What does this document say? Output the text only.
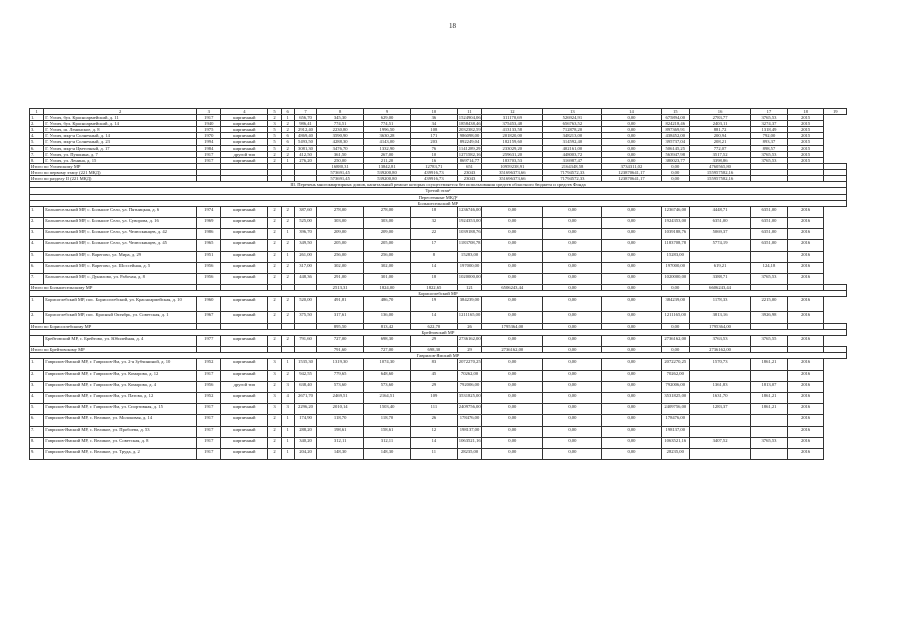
18
1	2	3	4	5	6	7	8	9	10	11	12	13	14	15	16	17	18	19
1.	Г. Углич, бул. Красноармейский, д. 11	1917	кирпичный	2	1	656,70	345,30	629,00	36	1524904,06	311170,69	526924,91	0,00	675894,00	2783,77	3765,53	2015	
2.	Г. Углич, бул. Красноармейский, д. 14	1940	кирпичный	3	2	986,41	774,51	774,51	34	1858438,46	375453,48	656763,52	0,00	824218,46	2403,11	3274,37	2015	
3.	Г. Углич, ш. Ленинское, д. 8	1975	кирпичный	5	2	2912,40	2230,80	1996,50	108	2032382,59	413133,58	712878,20	0,00	897369,91	881,72	1318,49	2015	
4.	Г. Углич, мкр-н Солнечный, д. 14	1970	кирпичный	5	6	4869,40	3590,90	3630,28	171	986098,00	201820,00	348213,00	0,00	438452,00	200,94	792,00	2015	
5.	Г. Углич, мкр-н Солнечный, д. 23	1994	кирпичный	5	6	5493,50	4288,30	4143,00	203	892249,04	182159,60	314592,40	0,00	395737,04	208,21	893,37	2015	
6.	Г. Углич, мкр-н Цветочный, д. 17	1984	кирпичный	5	2	3081,30	3476,70	1332,90	76	1141289,29	233029,20	402161,00	0,00	506145,25	772,07	898,57	2015	
7.	Г. Углич, ул. Пушкина, д. 7	1917	другой тип	2	2	412,50	361,50	267,00	10	1271582,16	259631,20	448003,72	0,00	563947,98	3517,52	3765,53	2015	
8.	Г. Углич, ул. Ленина, д. 15	1917	кирпичный	2	1	276,20	250,00	211,20	16	869714,77	183703,53	316987,47	0,00	380023,77	3398,86	3765,53	2015	
Итого по Угличскому МР							16880,31	13842,81	12783,71	651	10959238,91	2164348,58	3734311,02	0,00	4760565,80			
Итого по первому этапу (221 МКД)							573691,45	539200,80	439916,73	23043	351696373,66	71794572,33	123870641,17	0,00	155957582,16			
Итого по разделу II (221 МКД)							573691,45	539200,80	439916,73	23043	351696373,66	71794572,33	123870641,17	0,00	155957582,16			
III. Перечень многоквартирных домов, капитальный ремонт которых осуществляется без использования средств областного бюджета и средств Фонда																		
Третий этап²																		
Пересеенные МКД²																		
Большесельский МР																		
1.	Большесельский МР, с. Большое Село, ул. Пятницкая, д. 6	1974	кирпичный	2	2	387,60	278,00	278,00	18	1236746,00	0,00	0,00	0,00	1236746,00	4448,71	6351,00	2016	
2.	Большесельский МР, с. Большое Село, ул. Суворова, д. 16	1969	кирпичный	2	2	525,00	303,00	303,00	32	1924353,00	0,00	0,00	0,00	1924353,00	6351,00	6351,00	2016	
3.	Большесельский МР, с. Большое Село, ул. Челюскинцев, д. 42	1986	кирпичный	2	1	396,70	209,00	209,00	22	1039188,76	0,00	0,00	0,00	1039188,76	5069,37	6351,00	2016	
4.	Большесельский МР, с. Большое Село, ул. Челюскинцев, д. 45	1965	кирпичный	2	2	349,50	205,00	205,00	17	1183708,78	0,00	0,00	0,00	1183708,78	5774,19	6351,00	2016	
5.	Большесельский МР, с. Варегово, ул. Мира, д. 29	1951	кирпичный	2	1	261,00	256,00	256,00	8	15283,00	0,00	0,00	0,00	15283,00			2016	
6.	Большесельский МР, с. Варегово, ул. Шоссейная, д. 5	1956	кирпичный	2	2	317,00	302,00	302,00	14	197000,00	0,00	0,00	0,00	197000,00	619,21	124,18	2016	
7.	Большесельский МР, с. Дунилово, ул. Рабочая, д. 8	1956	кирпичный	2	2	448,36	291,00	301,00	18	1020000,00	0,00	0,00	0,00	1020000,00	3388,71	3765,53	2016	
Итого по Большесельскому МР							2513,31	1824,00	1822,65	121	6506243,44	0,00	0,00	0,00	6606243,44			
Борисоглебский МР																		
1.	Борисоглебский МР, пос. Борисоглебский, ул. Красноармейская, д. 10	1960	кирпичный	2	2	520,00	491,81	486,70	19	384239,00	0,00	0,00	0,00	384239,00	1178,33	2215,00	2016	
2.	Борисоглебский МР, пос. Красный Октябрь, ул. Советская, д. 1	1967	кирпичный	2	2	375,50	317,61	136,00	14	1211165,00	0,00	0,00	0,00	1211165,00	3813,16	3926,98	2016	
Итого по Борисоглебскому МР							895,50	813,42	622,70	26	1795364,00	0,00	0,00	0,00	1795364,00			
Брейтовский МР																		
	Брейтовский МР, с. Брейтово, ул. Юбилейная, д. 4	1977	кирпичный	2	2	791,60	727,00	698,30	29	2736162,00	0,00	0,00	0,00	2736162,00	3763,53	3765,55	2016	
Итого по Брейтовскому МР							791,60	727,00	698,30	29	2736162,00	0,00	0,00	0,00	2736162,00			
Гаврилов-Ямский МР																		
1.	Гаврилов-Ямский МР, г. Гаврилов-Ям, ул. 2-я Зубчининой, д. 10	1952	кирпичный	3	1	1535,30	1319,30	1074,30	83	2072270,25	0,00	0,00	0,00	2072270,25	1570,73	1861,21	2016	
2.	Гаврилов-Ямский МР, г. Гаврилов-Ям, ул. Комарова, д. 12	1917	кирпичный	3	2	942,55	779,65	648,60	45	70262,00	0,00	0,00	0,00	70262,00			2016	
3.	Гаврилов-Ямский МР, г. Гаврилов-Ям, ул. Комарова, д. 4	1956	другой тип	2	3	638,40	573,60	573,60	29	792006,00	0,00	0,00	0,00	792006,00	1361,83	1813,07	2016	
4.	Гаврилов-Ямский МР, г. Гаврилов-Ям, ул. Патова, д. 12	1952	кирпичный	3	4	2671,70	2469,51	2164,51	109	3531825,00	0,00	0,00	0,00	3531825,00	1631,70	1861,21	2016	
5.	Гаврилов-Ямский МР, г. Гаврилов-Ям, ул. Спортивная, д. 15	1917	кирпичный	3	3	2296,20	2010,14	1503,40	111	2409756,00	0,00	0,00	0,00	2409756,00	1283,37	1861,21	2016	
6.	Гаврилов-Ямский МР, с. Великое, ул. Молоковая, д. 14	1917	кирпичный	2	1	174,90	118,70	118,70	26	178476,00	0,00	0,00	0,00	178476,00			2016	
7.	Гаврилов-Ямский МР, с. Великое, ул. Пробоева, д. 53	1917	кирпичный	2	1	288,20	198,61	158,61	12	198137,00	0,00	0,00	0,00	198137,00			2016	
8.	Гаврилов-Ямский МР, с. Великое, ул. Советская, д. 8	1917	кирпичный	2	1	340,20	312,11	312,11	14	1063521,16	0,00	0,00	0,00	1063521,16	3407,52	3765,53	2016	
9.	Гаврилов-Ямский МР, с. Великое, ул. Труда, д. 2	1917	кирпичный	2	1	204,20	148,30	148,30	11	28235,00	0,00	0,00	0,00	28235,00			2016	
